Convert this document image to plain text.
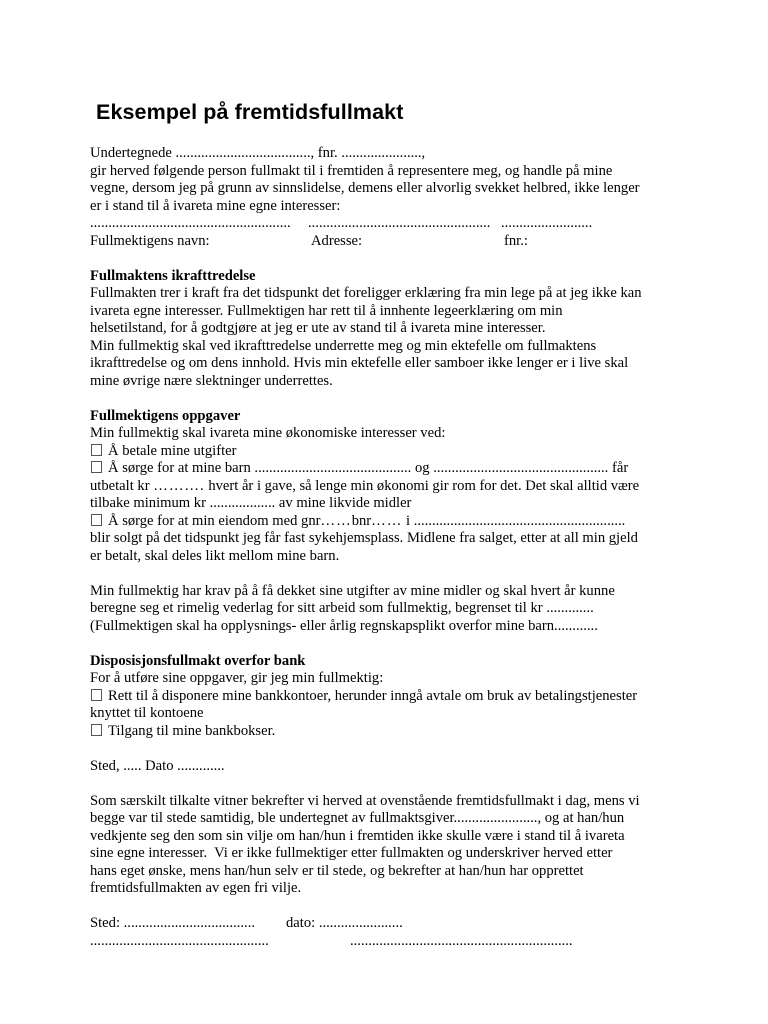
Eksempel på fremtidsfullmakt
Undertegnede ....................................., fnr. ......................,
gir herved følgende person fullmakt til i fremtiden å representere meg, og handle på mine
vegne, dersom jeg på grunn av sinnslidelse, demens eller alvorlig svekket helbred, ikke lenger
er i stand til å ivareta mine egne interesser:
....................................................... .................................................. .........................
Fullmektigens navn:	Adresse:	fnr.:
Fullmaktens ikrafttredelse
Fullmakten trer i kraft fra det tidspunkt det foreligger erklæring fra min lege på at jeg ikke kan
ivareta egne interesser. Fullmektigen har rett til å innhente legeerklæring om min
helsetilstand, for å godtgjøre at jeg er ute av stand til å ivareta mine interesser.
Min fullmektig skal ved ikrafttredelse underrette meg og min ektefelle om fullmaktens
ikrafttredelse og om dens innhold. Hvis min ektefelle eller samboer ikke lenger er i live skal
mine øvrige nære slektninger underrettes.
Fullmektigens oppgaver
Min fullmektig skal ivareta mine økonomiske interesser ved:
Å betale mine utgifter
Å sørge for at mine barn ........................................... og ................................................ får
utbetalt kr ………. hvert år i gave, så lenge min økonomi gir rom for det. Det skal alltid være
tilbake minimum kr .................. av mine likvide midler
Å sørge for at min eiendom med gnr……bnr…… i ..........................................................
blir solgt på det tidspunkt jeg får fast sykehjemsplass. Midlene fra salget, etter at all min gjeld
er betalt, skal deles likt mellom mine barn.
Min fullmektig har krav på å få dekket sine utgifter av mine midler og skal hvert år kunne
beregne seg et rimelig vederlag for sitt arbeid som fullmektig, begrenset til kr .............
(Fullmektigen skal ha opplysnings- eller årlig regnskapsplikt overfor mine barn............
Disposisjonsfullmakt overfor bank
For å utføre sine oppgaver, gir jeg min fullmektig:
Rett til å disponere mine bankkontoer, herunder inngå avtale om bruk av betalingstjenester
knyttet til kontoene
Tilgang til mine bankbokser.
Sted, ..... Dato .............
Som særskilt tilkalte vitner bekrefter vi herved at ovenstående fremtidsfullmakt i dag, mens vi
begge var til stede samtidig, ble undertegnet av fullmaktsgiver......................., og at han/hun
vedkjente seg den som sin vilje om han/hun i fremtiden ikke skulle være i stand til å ivareta
sine egne interesser.  Vi er ikke fullmektiger etter fullmakten og underskriver herved etter
hans eget ønske, mens han/hun selv er til stede, og bekrefter at han/hun har opprettet
fremtidsfullmakten av egen fri vilje.
Sted: .................................... dato: .......................
.................................................	.............................................................
